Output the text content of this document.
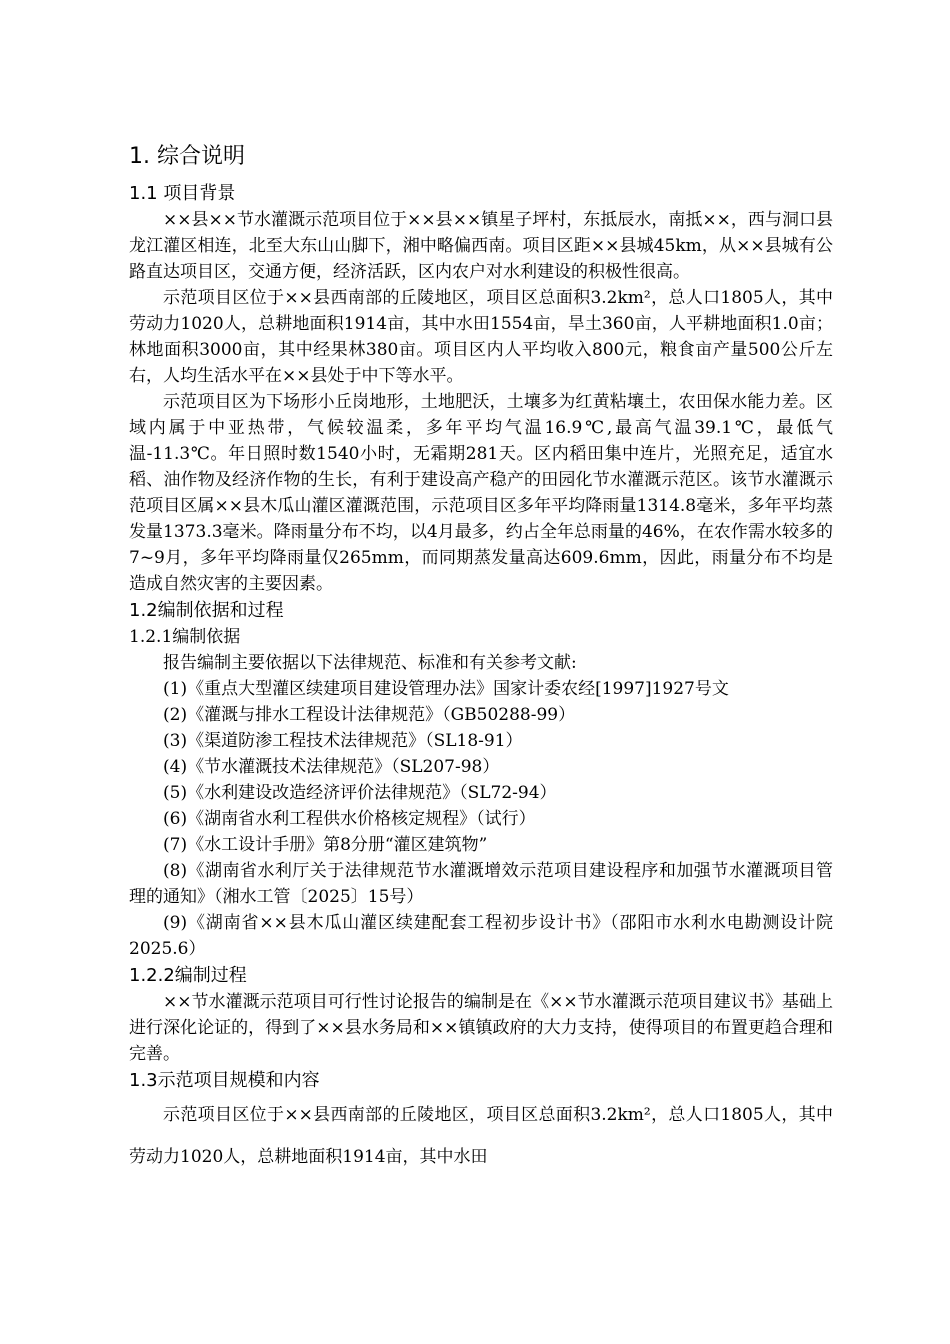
1. 综合说明
1.1 项目背景

××县××节水灌溉示范项目位于××县××镇星子坪村，东抵辰水，南抵××，西与洞口县龙江灌区相连，北至大东山山脚下，湘中略偏西南。项目区距××县城45km，从××县城有公路直达项目区，交通方便，经济活跃，区内农户对水利建设的积极性很高。

示范项目区位于××县西南部的丘陵地区，项目区总面积3.2km²，总人口1805人，其中劳动力1020人，总耕地面积1914亩，其中水田1554亩，旱土360亩，人平耕地面积1.0亩；林地面积3000亩，其中经果林380亩。项目区内人平均收入800元，粮食亩产量500公斤左右，人均生活水平在××县处于中下等水平。

示范项目区为下场形小丘岗地形，土地肥沃，土壤多为红黄粘壤土，农田保水能力差。区域内属于中亚热带，气候较温柔，多年平均气温16.9℃,最高气温39.1℃，最低气温-11.3℃。年日照时数1540小时，无霜期281天。区内稻田集中连片，光照充足，适宜水稻、油作物及经济作物的生长，有利于建设高产稳产的田园化节水灌溉示范区。该节水灌溉示范项目区属××县木瓜山灌区灌溉范围，示范项目区多年平均降雨量1314.8毫米，多年平均蒸发量1373.3毫米。降雨量分布不均，以4月最多，约占全年总雨量的46%，在农作需水较多的7~9月，多年平均降雨量仅265mm，而同期蒸发量高达609.6mm，因此，雨量分布不均是造成自然灾害的主要因素。

1.2编制依据和过程
1.2.1编制依据

报告编制主要依据以下法律规范、标准和有关参考文献:

(1)《重点大型灌区续建项目建设管理办法》国家计委农经[1997]1927号文

(2)《灌溉与排水工程设计法律规范》（GB50288-99）

(3)《渠道防渗工程技术法律规范》（SL18-91）

(4)《节水灌溉技术法律规范》（SL207-98）

(5)《水利建设改造经济评价法律规范》（SL72-94）

(6)《湖南省水利工程供水价格核定规程》（试行）

(7)《水工设计手册》第8分册“灌区建筑物”

(8)《湖南省水利厅关于法律规范节水灌溉增效示范项目建设程序和加强节水灌溉项目管理的通知》（湘水工管〔2025〕15号）

(9)《湖南省××县木瓜山灌区续建配套工程初步设计书》（邵阳市水利水电勘测设计院 2025.6）

1.2.2编制过程

××节水灌溉示范项目可行性讨论报告的编制是在《××节水灌溉示范项目建议书》基础上进行深化论证的，得到了××县水务局和××镇镇政府的大力支持，使得项目的布置更趋合理和完善。

1.3示范项目规模和内容

示范项目区位于××县西南部的丘陵地区，项目区总面积3.2km²，总人口1805人，其中劳动力1020人，总耕地面积1914亩，其中水田
